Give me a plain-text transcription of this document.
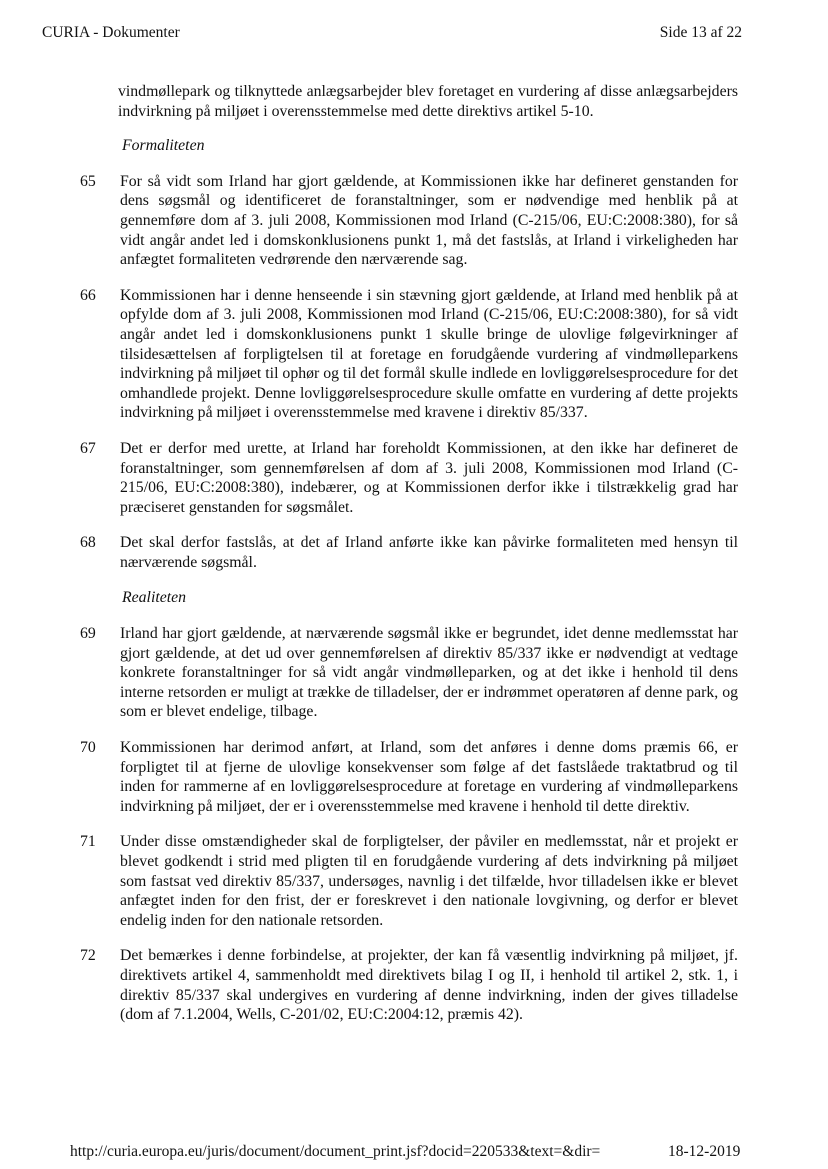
CURIA - Dokumenter	Side 13 af 22
vindmøllepark og tilknyttede anlægsarbejder blev foretaget en vurdering af disse anlægsarbejders indvirkning på miljøet i overensstemmelse med dette direktivs artikel 5-10.
Formaliteten
65 For så vidt som Irland har gjort gældende, at Kommissionen ikke har defineret genstanden for dens søgsmål og identificeret de foranstaltninger, som er nødvendige med henblik på at gennemføre dom af 3. juli 2008, Kommissionen mod Irland (C-215/06, EU:C:2008:380), for så vidt angår andet led i domskonklusionens punkt 1, må det fastslås, at Irland i virkeligheden har anfægtet formaliteten vedrørende den nærværende sag.
66 Kommissionen har i denne henseende i sin stævning gjort gældende, at Irland med henblik på at opfylde dom af 3. juli 2008, Kommissionen mod Irland (C-215/06, EU:C:2008:380), for så vidt angår andet led i domskonklusionens punkt 1 skulle bringe de ulovlige følgevirkninger af tilsidesættelsen af forpligtelsen til at foretage en forudgående vurdering af vindmølleparkens indvirkning på miljøet til ophør og til det formål skulle indlede en lovliggørelsesprocedure for det omhandlede projekt. Denne lovliggørelsesprocedure skulle omfatte en vurdering af dette projekts indvirkning på miljøet i overensstemmelse med kravene i direktiv 85/337.
67 Det er derfor med urette, at Irland har foreholdt Kommissionen, at den ikke har defineret de foranstaltninger, som gennemførelsen af dom af 3. juli 2008, Kommissionen mod Irland (C-215/06, EU:C:2008:380), indebærer, og at Kommissionen derfor ikke i tilstrækkelig grad har præciseret genstanden for søgsmålet.
68 Det skal derfor fastslås, at det af Irland anførte ikke kan påvirke formaliteten med hensyn til nærværende søgsmål.
Realiteten
69 Irland har gjort gældende, at nærværende søgsmål ikke er begrundet, idet denne medlemsstat har gjort gældende, at det ud over gennemførelsen af direktiv 85/337 ikke er nødvendigt at vedtage konkrete foranstaltninger for så vidt angår vindmølleparken, og at det ikke i henhold til dens interne retsorden er muligt at trække de tilladelser, der er indrømmet operatøren af denne park, og som er blevet endelige, tilbage.
70 Kommissionen har derimod anført, at Irland, som det anføres i denne doms præmis 66, er forpligtet til at fjerne de ulovlige konsekvenser som følge af det fastslåede traktatbrud og til inden for rammerne af en lovliggørelsesprocedure at foretage en vurdering af vindmølleparkens indvirkning på miljøet, der er i overensstemmelse med kravene i henhold til dette direktiv.
71 Under disse omstændigheder skal de forpligtelser, der påviler en medlemsstat, når et projekt er blevet godkendt i strid med pligten til en forudgående vurdering af dets indvirkning på miljøet som fastsat ved direktiv 85/337, undersøges, navnlig i det tilfælde, hvor tilladelsen ikke er blevet anfægtet inden for den frist, der er foreskrevet i den nationale lovgivning, og derfor er blevet endelig inden for den nationale retsorden.
72 Det bemærkes i denne forbindelse, at projekter, der kan få væsentlig indvirkning på miljøet, jf. direktivets artikel 4, sammenholdt med direktivets bilag I og II, i henhold til artikel 2, stk. 1, i direktiv 85/337 skal undergives en vurdering af denne indvirkning, inden der gives tilladelse (dom af 7.1.2004, Wells, C-201/02, EU:C:2004:12, præmis 42).
http://curia.europa.eu/juris/document/document_print.jsf?docid=220533&text=&dir=	18-12-2019
